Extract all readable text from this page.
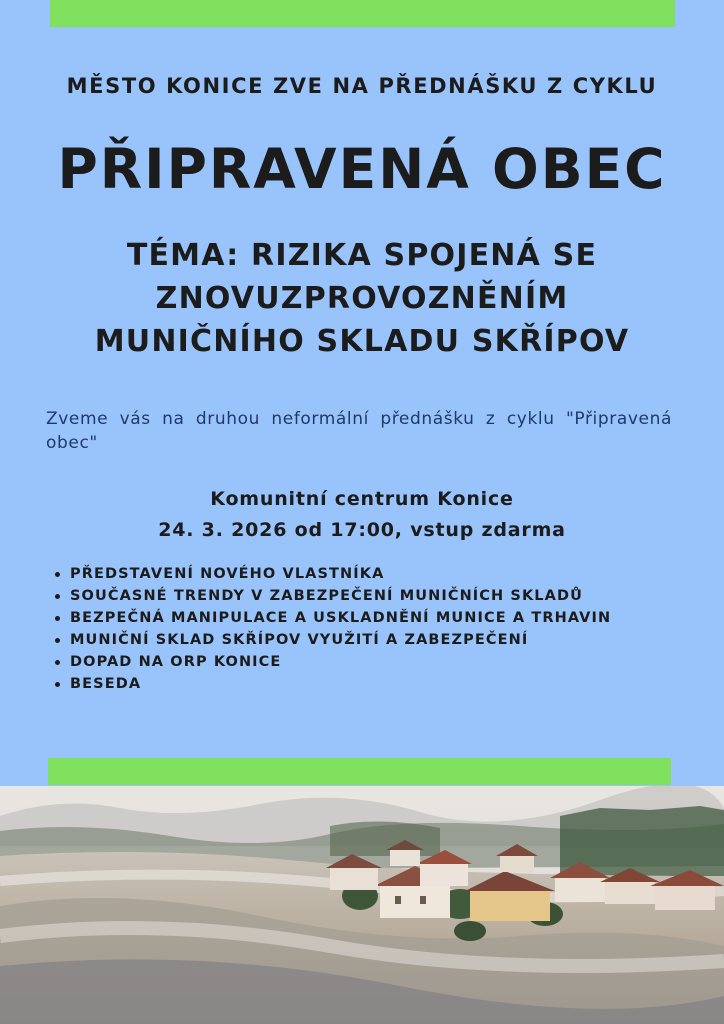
MĚSTO KONICE ZVE NA PŘEDNÁŠKU Z CYKLU
PŘIPRAVENÁ OBEC
TÉMA: RIZIKA SPOJENÁ SE
ZNOVUZPROVOZNĚNÍM
MUNIČNÍHO SKLADU SKŘÍPOV
Zveme vás na druhou neformální přednášku z cyklu "Připravená obec"
Komunitní centrum Konice
24. 3. 2026 od 17:00, vstup zdarma
PŘEDSTAVENÍ NOVÉHO VLASTNÍKA
SOUČASNÉ TRENDY V ZABEZPEČENÍ MUNIČNÍCH SKLADŮ
BEZPEČNÁ MANIPULACE A USKLADNĚNÍ MUNICE A TRHAVIN
MUNIČNÍ SKLAD SKŘÍPOV VYUŽITÍ A ZABEZPEČENÍ
DOPAD NA ORP KONICE
BESEDA
